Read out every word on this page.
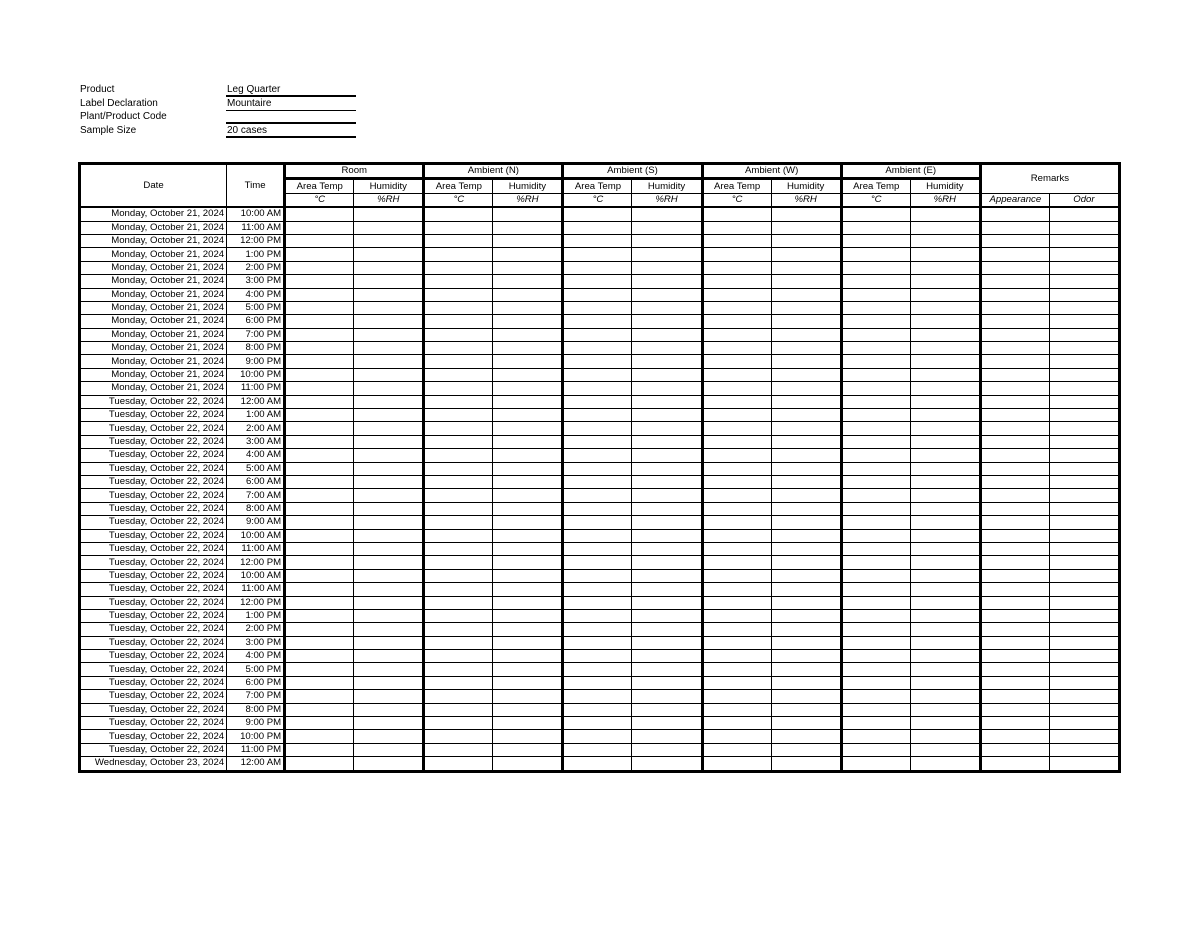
Product	Leg Quarter
Label Declaration	Mountaire
Plant/Product Code
Sample Size	20 cases
Date	Time	Room		Ambient (N)		Ambient (S)		Ambient (W)		Ambient (E)		Remarks	
		Area Temp	Humidity	Area Temp	Humidity	Area Temp	Humidity	Area Temp	Humidity	Area Temp	Humidity		
		°C	%RH	°C	%RH	°C	%RH	°C	%RH	°C	%RH	Appearance	Odor
Monday, October 21, 2024	10:00 AM												
Monday, October 21, 2024	11:00 AM												
Monday, October 21, 2024	12:00 PM												
Monday, October 21, 2024	1:00 PM												
Monday, October 21, 2024	2:00 PM												
Monday, October 21, 2024	3:00 PM												
Monday, October 21, 2024	4:00 PM												
Monday, October 21, 2024	5:00 PM												
Monday, October 21, 2024	6:00 PM												
Monday, October 21, 2024	7:00 PM												
Monday, October 21, 2024	8:00 PM												
Monday, October 21, 2024	9:00 PM												
Monday, October 21, 2024	10:00 PM												
Monday, October 21, 2024	11:00 PM												
Tuesday, October 22, 2024	12:00 AM												
Tuesday, October 22, 2024	1:00 AM												
Tuesday, October 22, 2024	2:00 AM												
Tuesday, October 22, 2024	3:00 AM												
Tuesday, October 22, 2024	4:00 AM												
Tuesday, October 22, 2024	5:00 AM												
Tuesday, October 22, 2024	6:00 AM												
Tuesday, October 22, 2024	7:00 AM												
Tuesday, October 22, 2024	8:00 AM												
Tuesday, October 22, 2024	9:00 AM												
Tuesday, October 22, 2024	10:00 AM												
Tuesday, October 22, 2024	11:00 AM												
Tuesday, October 22, 2024	12:00 PM												
Tuesday, October 22, 2024	10:00 AM												
Tuesday, October 22, 2024	11:00 AM												
Tuesday, October 22, 2024	12:00 PM												
Tuesday, October 22, 2024	1:00 PM												
Tuesday, October 22, 2024	2:00 PM												
Tuesday, October 22, 2024	3:00 PM												
Tuesday, October 22, 2024	4:00 PM												
Tuesday, October 22, 2024	5:00 PM												
Tuesday, October 22, 2024	6:00 PM												
Tuesday, October 22, 2024	7:00 PM												
Tuesday, October 22, 2024	8:00 PM												
Tuesday, October 22, 2024	9:00 PM												
Tuesday, October 22, 2024	10:00 PM												
Tuesday, October 22, 2024	11:00 PM												
Wednesday, October 23, 2024	12:00 AM												
